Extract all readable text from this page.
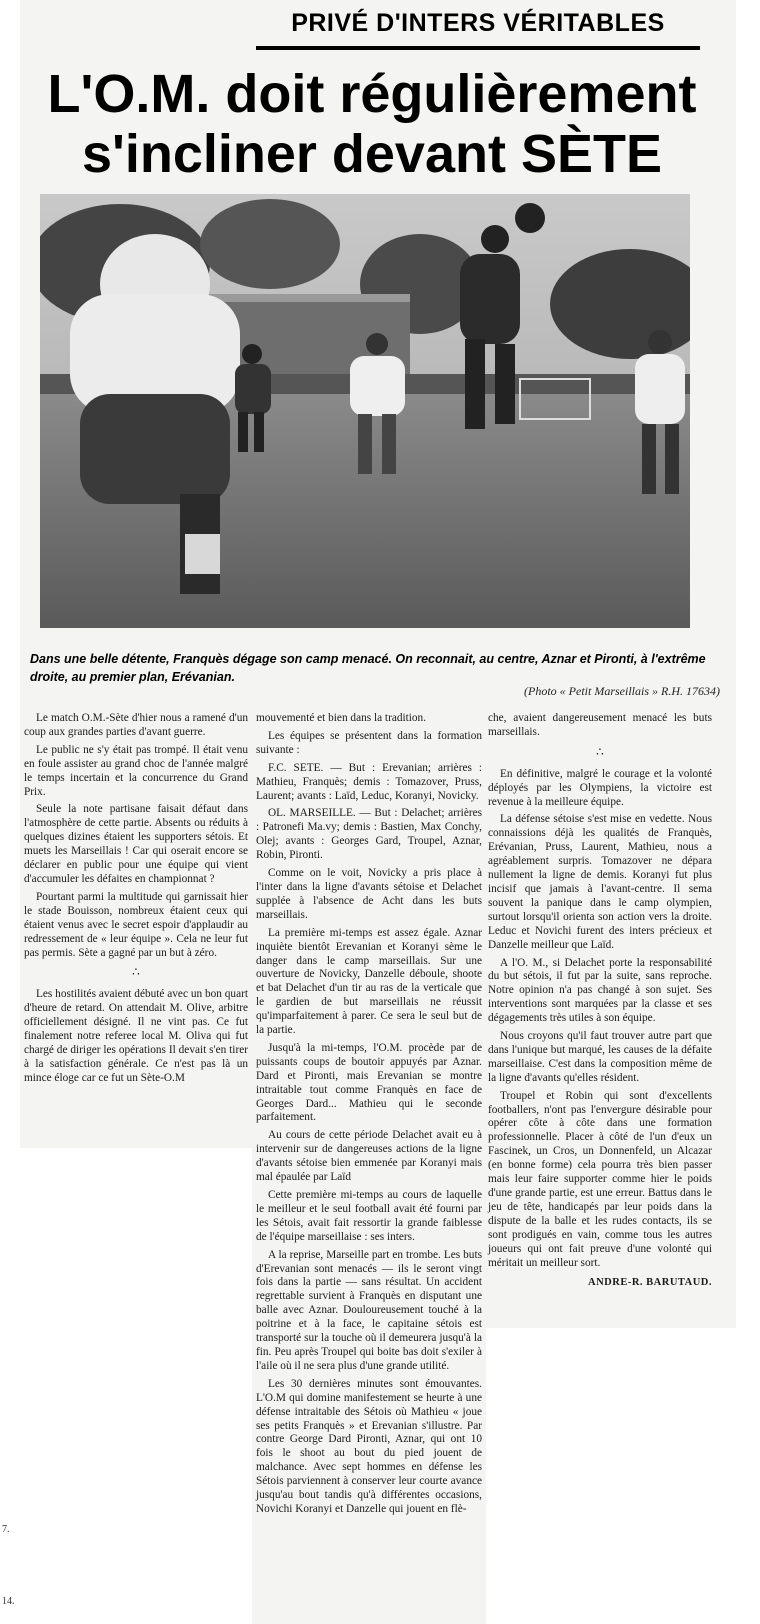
PRIVÉ D'INTERS VÉRITABLES

L'O.M. doit régulièrement
s'incliner devant SÈTE

Dans une belle détente, Franquès dégage son camp menacé. On reconnait, au centre, Aznar et Pironti, à l'extrême droite, au premier plan, Erévanian.

(Photo « Petit Marseillais » R.H. 17634)

Le match O.M.-Sète d'hier nous a ramené d'un coup aux grandes parties d'avant guerre.

Le public ne s'y était pas trompé. Il était venu en foule assister au grand choc de l'année malgré le temps incertain et la concurrence du Grand Prix.

Seule la note partisane faisait défaut dans l'atmosphère de cette partie. Absents ou réduits à quelques dizines étaient les supporters sétois. Et muets les Marseillais ! Car qui oserait encore se déclarer en public pour une équipe qui vient d'accumuler les défaites en championnat ?

Pourtant parmi la multitude qui garnissait hier le stade Bouisson, nombreux étaient ceux qui étaient venus avec le secret espoir d'applaudir au redressement de « leur équipe ». Cela ne leur fut pas permis. Sète a gagné par un but à zéro.

∴

Les hostilités avaient débuté avec un bon quart d'heure de retard. On attendait M. Olive, arbitre officiellement désigné. Il ne vint pas. Ce fut finalement notre referee local M. Oliva qui fut chargé de diriger les opérations Il devait s'en tirer à la satisfaction générale. Ce n'est pas là un mince éloge car ce fut un Sète-O.M

mouvementé et bien dans la tradition.

Les équipes se présentent dans la formation suivante :

F.C. SETE. — But : Erevanian; arrières : Mathieu, Franquès; demis : Tomazover, Pruss, Laurent; avants : Laïd, Leduc, Koranyi, Novicky.

OL. MARSEILLE. — But : Delachet; arrières : Patronefi Ma.vy; demis : Bastien, Max Conchy, Olej; avants : Georges Gard, Troupel, Aznar, Robin, Pironti.

Comme on le voit, Novicky a pris place à l'inter dans la ligne d'avants sétoise et Delachet supplée à l'absence de Acht dans les buts marseillais.

La première mi-temps est assez égale. Aznar inquiète bientôt Erevanian et Koranyi sème le danger dans le camp marseillais. Sur une ouverture de Novicky, Danzelle déboule, shoote et bat Delachet d'un tir au ras de la verticale que le gardien de but marseillais ne réussit qu'imparfaitement à parer. Ce sera le seul but de la partie.

Jusqu'à la mi-temps, l'O.M. procède par de puissants coups de boutoir appuyés par Aznar. Dard et Pironti, mais Erevanian se montre intraitable tout comme Franquès en face de Georges Dard... Mathieu qui le seconde parfaitement.

Au cours de cette période Delachet avait eu à intervenir sur de dangereuses actions de la ligne d'avants sétoise bien emmenée par Koranyi mais mal épaulée par Laïd

Cette première mi-temps au cours de laquelle le meilleur et le seul football avait été fourni par les Sétois, avait fait ressortir la grande faiblesse de l'équipe marseillaise : ses inters.

A la reprise, Marseille part en trombe. Les buts d'Erevanian sont menacés — ils le seront vingt fois dans la partie — sans résultat. Un accident regrettable survient à Franquès en disputant une balle avec Aznar. Douloureusement touché à la poitrine et à la face, le capitaine sétois est transporté sur la touche où il demeurera jusqu'à la fin. Peu après Troupel qui boite bas doit s'exiler à l'aile où il ne sera plus d'une grande utilité.

Les 30 dernières minutes sont émouvantes. L'O.M qui domine manifestement se heurte à une défense intraitable des Sétois où Mathieu « joue ses petits Franquès » et Erevanian s'illustre. Par contre George Dard Pironti, Aznar, qui ont 10 fois le shoot au bout du pied jouent de malchance. Avec sept hommes en défense les Sétois parviennent à conserver leur courte avance jusqu'au bout tandis qu'à différentes occasions, Novichi Koranyi et Danzelle qui jouent en flè-

che, avaient dangereusement menacé les buts marseillais.

∴

En définitive, malgré le courage et la volonté déployés par les Olympiens, la victoire est revenue à la meilleure équipe.

La défense sétoise s'est mise en vedette. Nous connaissions déjà les qualités de Franquès, Erévanian, Pruss, Laurent, Mathieu, nous a agréablement surpris. Tomazover ne dépara nullement la ligne de demis. Koranyi fut plus incisif que jamais à l'avant-centre. Il sema souvent la panique dans le camp olympien, surtout lorsqu'il orienta son action vers la droite. Leduc et Novichi furent des inters précieux et Danzelle meilleur que Laïd.

A l'O. M., si Delachet porte la responsabilité du but sétois, il fut par la suite, sans reproche. Notre opinion n'a pas changé à son sujet. Ses interventions sont marquées par la classe et ses dégagements très utiles à son équipe.

Nous croyons qu'il faut trouver autre part que dans l'unique but marqué, les causes de la défaite marseillaise. C'est dans la composition même de la ligne d'avants qu'elles résident.

Troupel et Robin qui sont d'excellents footballers, n'ont pas l'envergure désirable pour opérer côte à côte dans une formation professionnelle. Placer à côté de l'un d'eux un Fascinek, un Cros, un Donnenfeld, un Alcazar (en bonne forme) cela pourra très bien passer mais leur faire supporter comme hier le poids d'une grande partie, est une erreur. Battus dans le jeu de tête, handicapés par leur poids dans la dispute de la balle et les rudes contacts, ils se sont prodigués en vain, comme tous les autres joueurs qui ont fait preuve d'une volonté qui méritait un meilleur sort.

ANDRE-R. BARUTAUD.
7.
14.
